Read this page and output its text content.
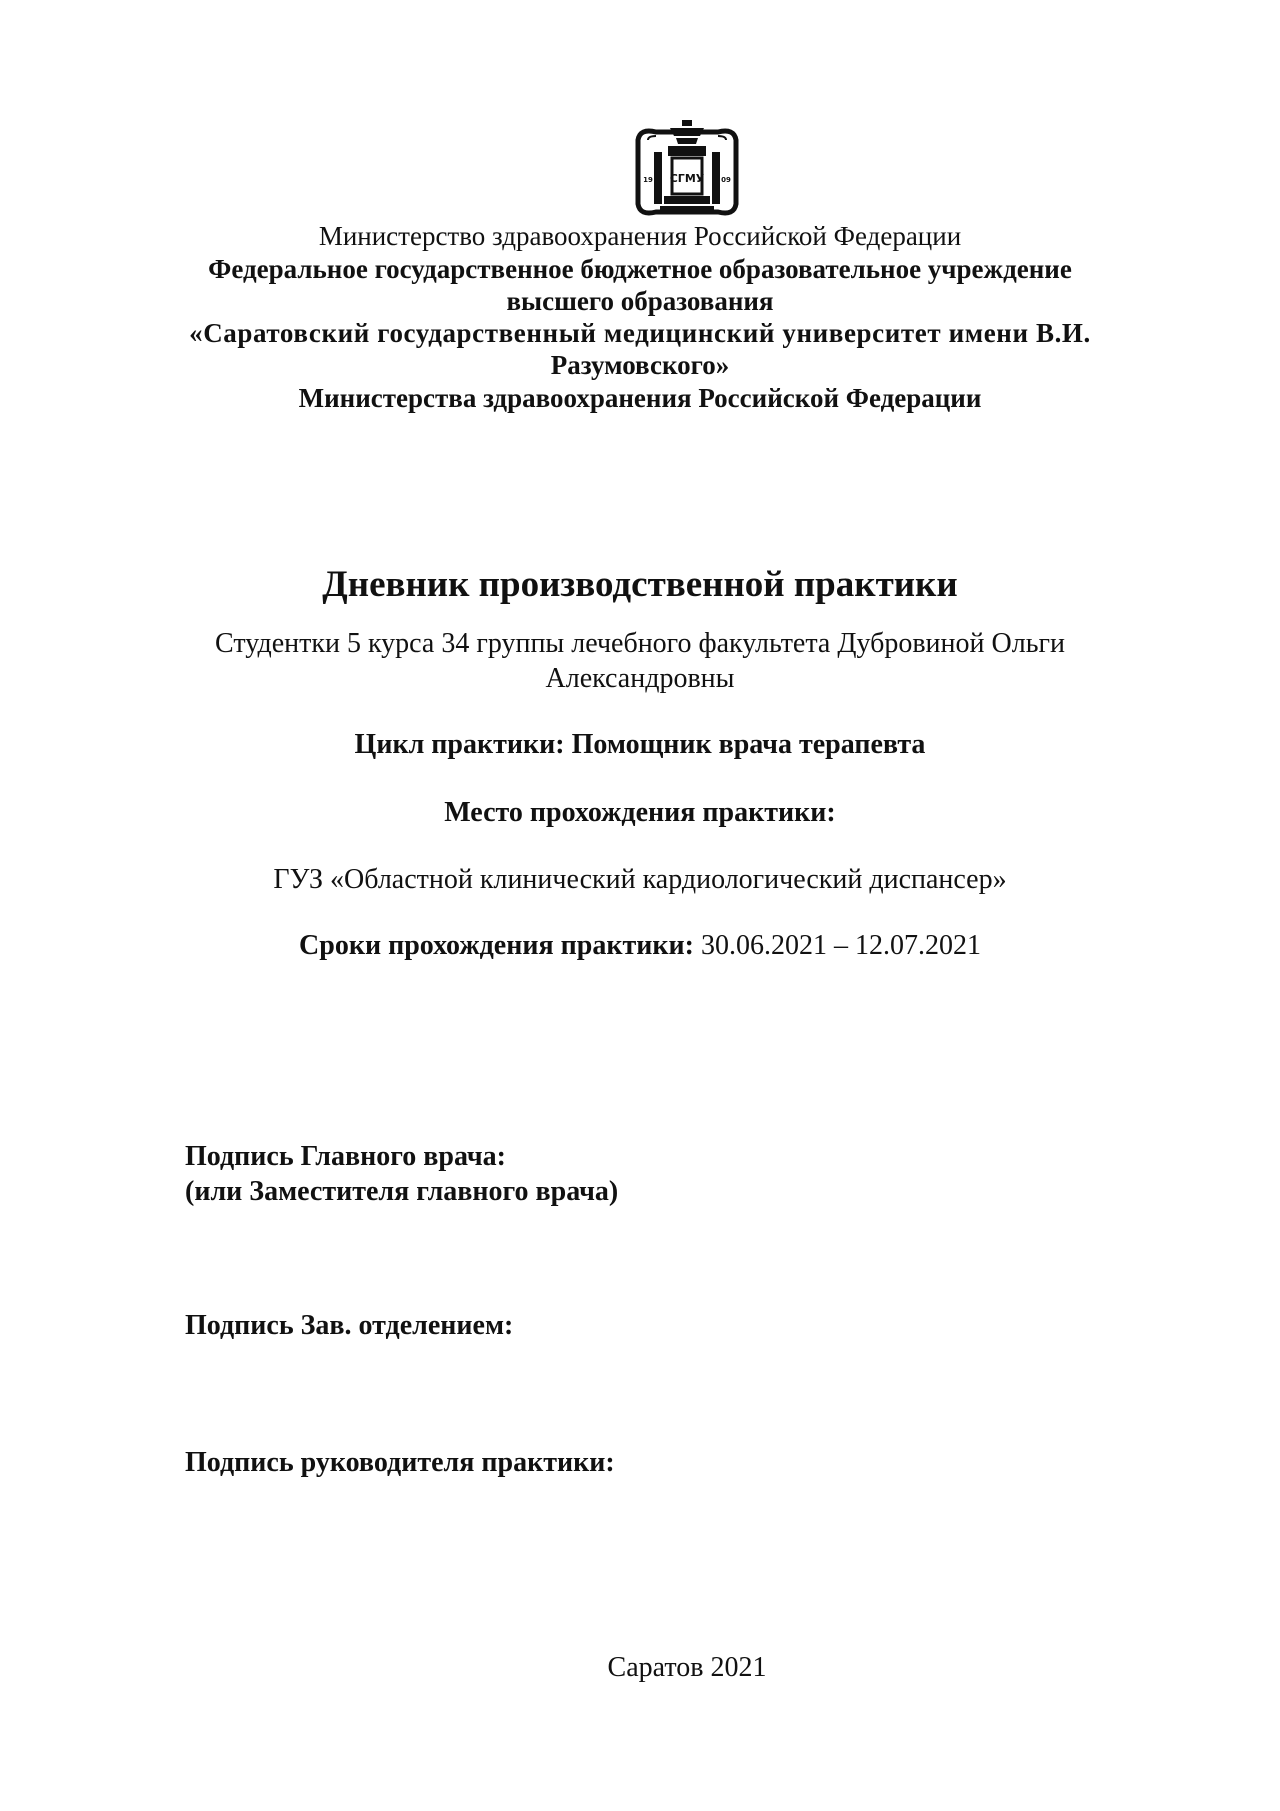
СГМУ
19	09
Министерство здравоохранения Российской Федерации
Федеральное государственное бюджетное образовательное учреждение
высшего образования
«Саратовский государственный медицинский университет имени В.И.
Разумовского»
Министерства здравоохранения Российской Федерации
Дневник производственной практики
Студентки 5 курса 34 группы лечебного факультета Дубровиной Ольги
Александровны
Цикл практики: Помощник врача терапевта
Место прохождения практики:
ГУЗ «Областной клинический кардиологический диспансер»
Сроки прохождения практики: 30.06.2021 – 12.07.2021
Подпись Главного врача:
(или Заместителя главного врача)
Подпись Зав. отделением:
Подпись руководителя практики:
Саратов 2021
